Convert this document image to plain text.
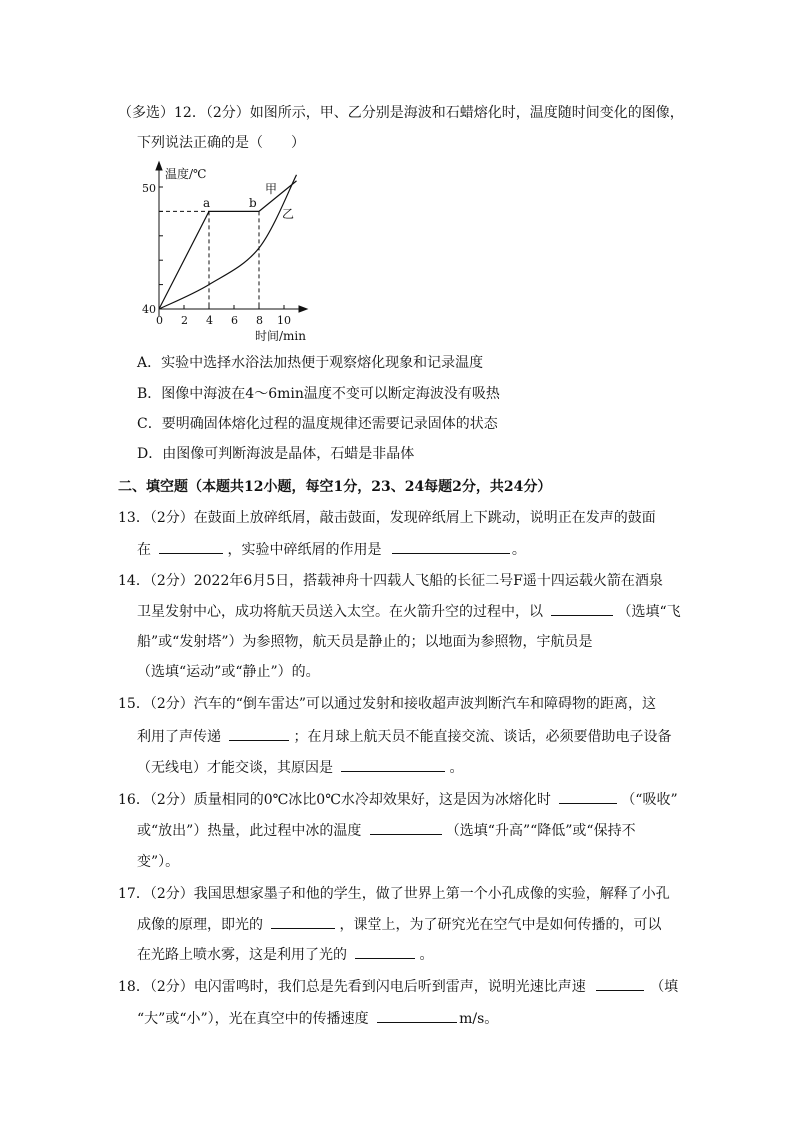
（多选）12．（2分）如图所示，甲、乙分别是海波和石蜡熔化时，温度随时间变化的图像，
下列说法正确的是（　　）
0 2 4 6 8 10
温度/℃
时间/min
50
40
a	b
甲
乙
A．实验中选择水浴法加热便于观察熔化现象和记录温度
B．图像中海波在4～6min温度不变可以断定海波没有吸热
C．要明确固体熔化过程的温度规律还需要记录固体的状态
D．由图像可判断海波是晶体，石蜡是非晶体
二、填空题（本题共12小题，每空1分，23、24每题2分，共24分）
13．（2分）在鼓面上放碎纸屑，敲击鼓面，发现碎纸屑上下跳动，说明正在发声的鼓面
在	，实验中碎纸屑的作用是	。
14．（2分）2022年6月5日，搭载神舟十四载人飞船的长征二号F遥十四运载火箭在酒泉
卫星发射中心，成功将航天员送入太空。在火箭升空的过程中，以	（选填“飞
船”或“发射塔”）为参照物，航天员是静止的；以地面为参照物，宇航员是
（选填“运动”或“静止”）的。
15．（2分）汽车的“倒车雷达”可以通过发射和接收超声波判断汽车和障碍物的距离，这
利用了声传递	；在月球上航天员不能直接交流、谈话，必须要借助电子设备
（无线电）才能交谈，其原因是	。
16．（2分）质量相同的0℃冰比0℃水冷却效果好，这是因为冰熔化时	（“吸收”
或“放出”）热量，此过程中冰的温度	（选填“升高”“降低”或“保持不
变”）。
17．（2分）我国思想家墨子和他的学生，做了世界上第一个小孔成像的实验，解释了小孔
成像的原理，即光的	，课堂上，为了研究光在空气中是如何传播的，可以
在光路上喷水雾，这是利用了光的	。
18．（2分）电闪雷鸣时，我们总是先看到闪电后听到雷声，说明光速比声速	（填
“大”或“小”），光在真空中的传播速度	m/s。
